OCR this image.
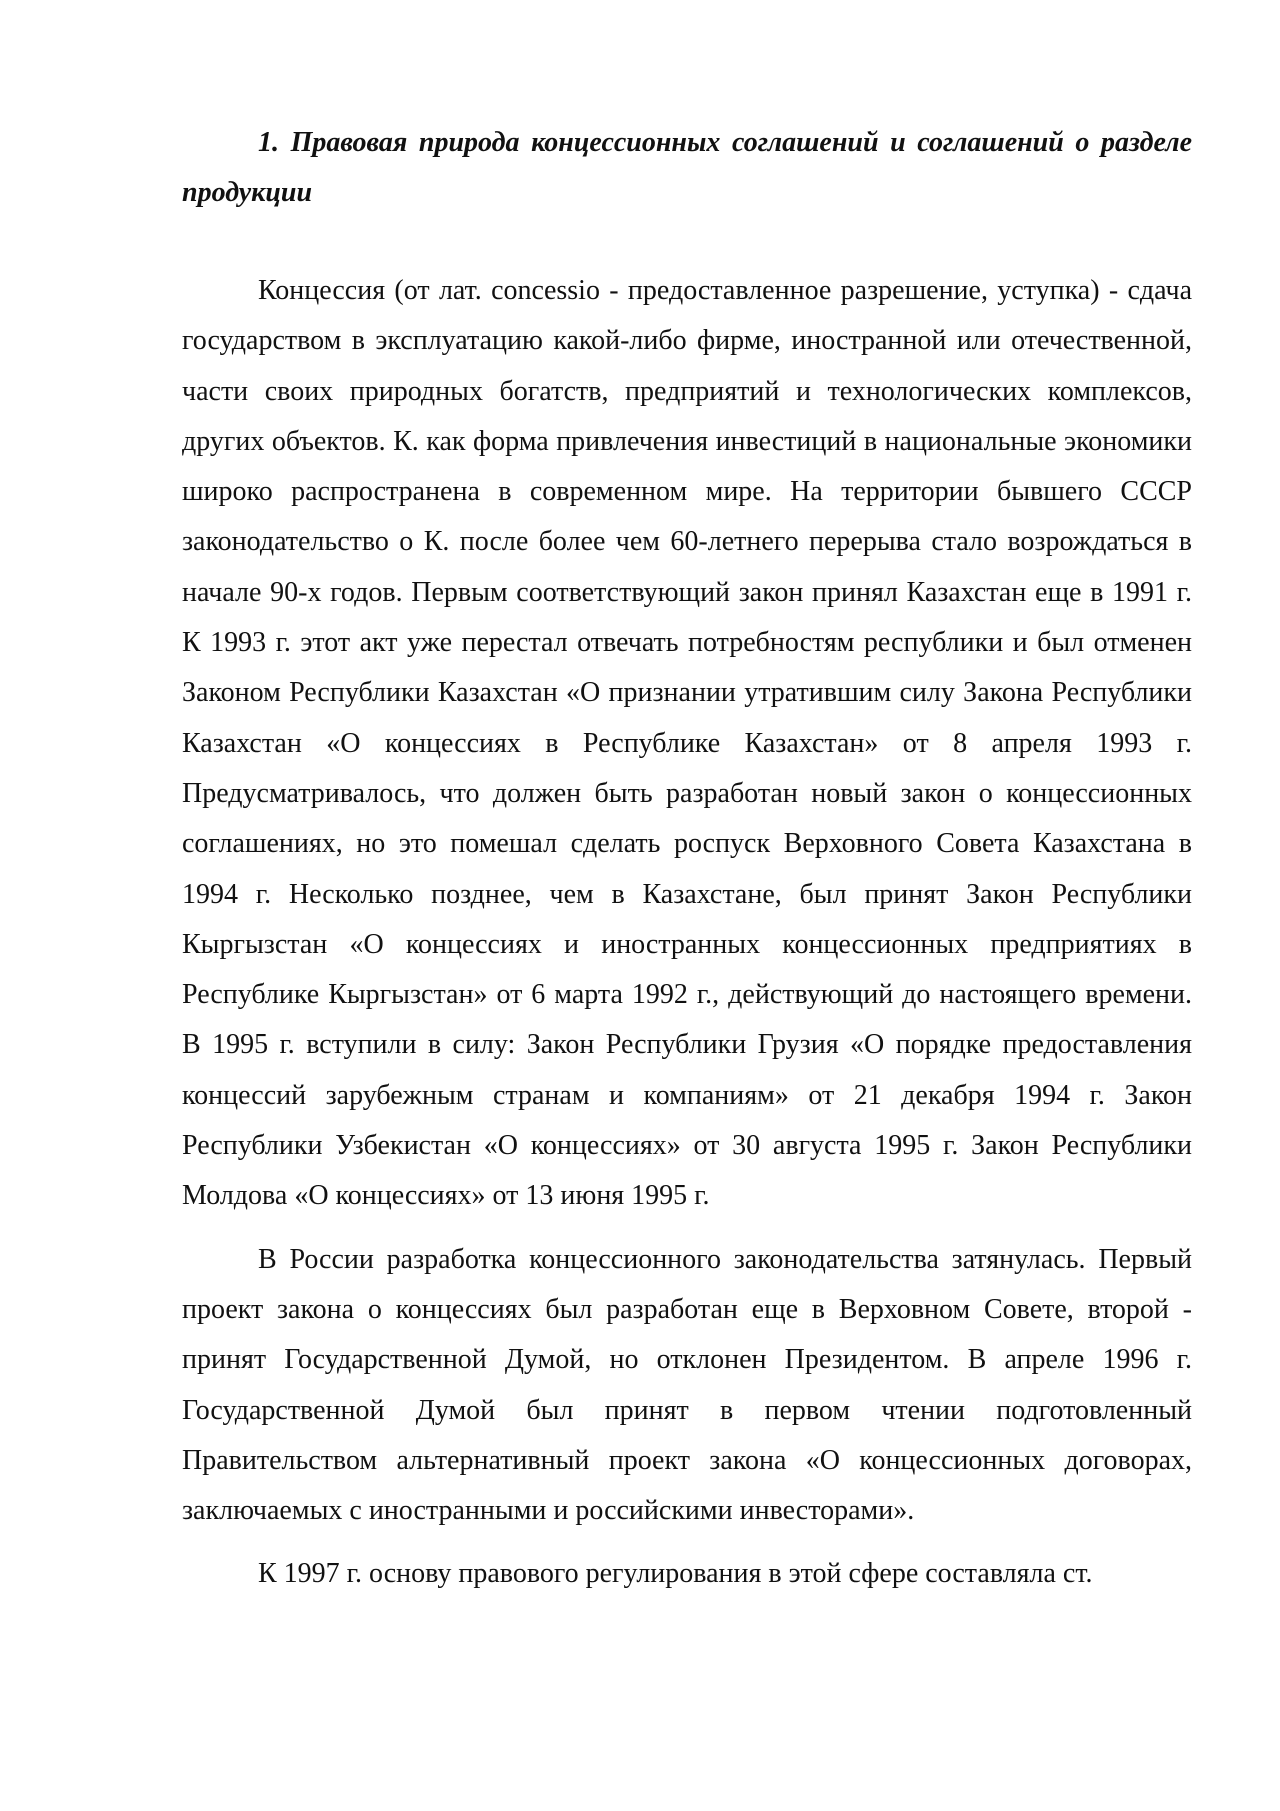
1. Правовая природа концессионных соглашений и соглашений о разделе продукции

Концессия (от лат. concessio - предоставленное разрешение, уступка) - сдача государством в эксплуатацию какой-либо фирме, иностранной или отечественной, части своих природных богатств, предприятий и технологических комплексов, других объектов. К. как форма привлечения инвестиций в национальные экономики широко распространена в современном мире. На территории бывшего СССР законодательство о К. после более чем 60-летнего перерыва стало возрождаться в начале 90-х годов. Первым соответствующий закон принял Казахстан еще в 1991 г. К 1993 г. этот акт уже перестал отвечать потребностям республики и был отменен Законом Республики Казахстан «О признании утратившим силу Закона Республики Казахстан «О концессиях в Республике Казахстан» от 8 апреля 1993 г. Предусматривалось, что должен быть разработан новый закон о концессионных соглашениях, но это помешал сделать роспуск Верховного Совета Казахстана в 1994 г. Несколько позднее, чем в Казахстане, был принят Закон Республики Кыргызстан «О концессиях и иностранных концессионных предприятиях в Республике Кыргызстан» от 6 марта 1992 г., действующий до настоящего времени. В 1995 г. вступили в силу: Закон Республики Грузия «О порядке предоставления концессий зарубежным странам и компаниям» от 21 декабря 1994 г. Закон Республики Узбекистан «О концессиях» от 30 августа 1995 г. Закон Республики Молдова «О концессиях» от 13 июня 1995 г.

В России разработка концессионного законодательства затянулась. Первый проект закона о концессиях был разработан еще в Верховном Совете, второй - принят Государственной Думой, но отклонен Президентом. В апреле 1996 г. Государственной Думой был принят в первом чтении подготовленный Правительством альтернативный проект закона «О концессионных договорах, заключаемых с иностранными и российскими инвесторами».

К 1997 г. основу правового регулирования в этой сфере составляла ст.
